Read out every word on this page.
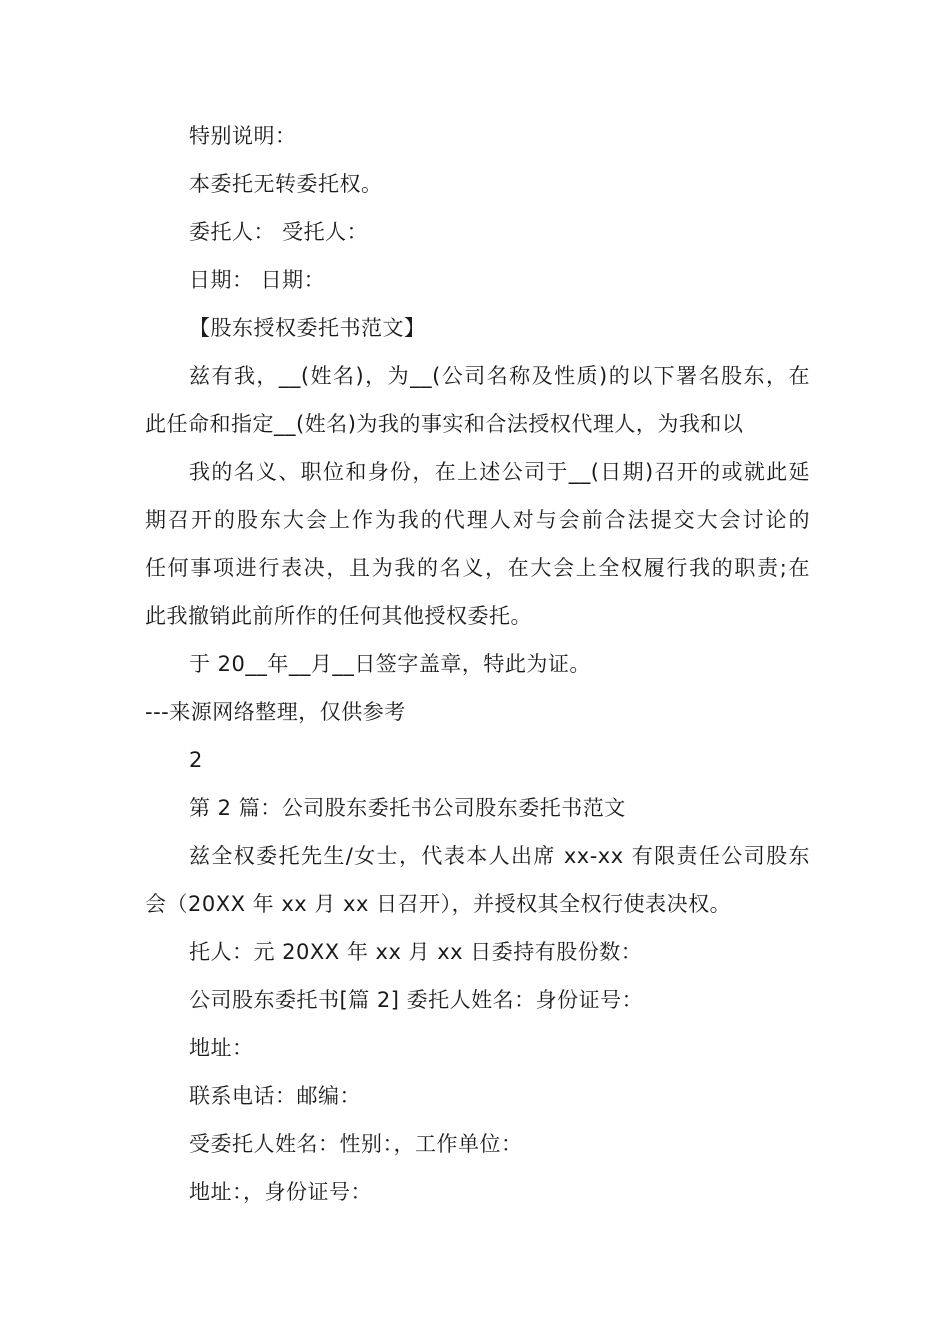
特别说明：
本委托无转委托权。
委托人： 受托人：
日期： 日期：
【股东授权委托书范文】
兹有我，__(姓名)，为__(公司名称及性质)的以下署名股东，在
此任命和指定__(姓名)为我的事实和合法授权代理人，为我和以
我的名义、职位和身份，在上述公司于__(日期)召开的或就此延
期召开的股东大会上作为我的代理人对与会前合法提交大会讨论的
任何事项进行表决，且为我的名义，在大会上全权履行我的职责;在
此我撤销此前所作的任何其他授权委托。
于 20__年__月__日签字盖章，特此为证。
---来源网络整理，仅供参考
2
第 2 篇：公司股东委托书公司股东委托书范文
兹全权委托先生/女士，代表本人出席 xx-xx 有限责任公司股东
会（20XX 年 xx 月 xx 日召开），并授权其全权行使表决权。
托人：元 20XX 年 xx 月 xx 日委持有股份数：
公司股东委托书[篇 2] 委托人姓名：身份证号：
地址：
联系电话：邮编：
受委托人姓名：性别：，工作单位：
地址：，身份证号：
